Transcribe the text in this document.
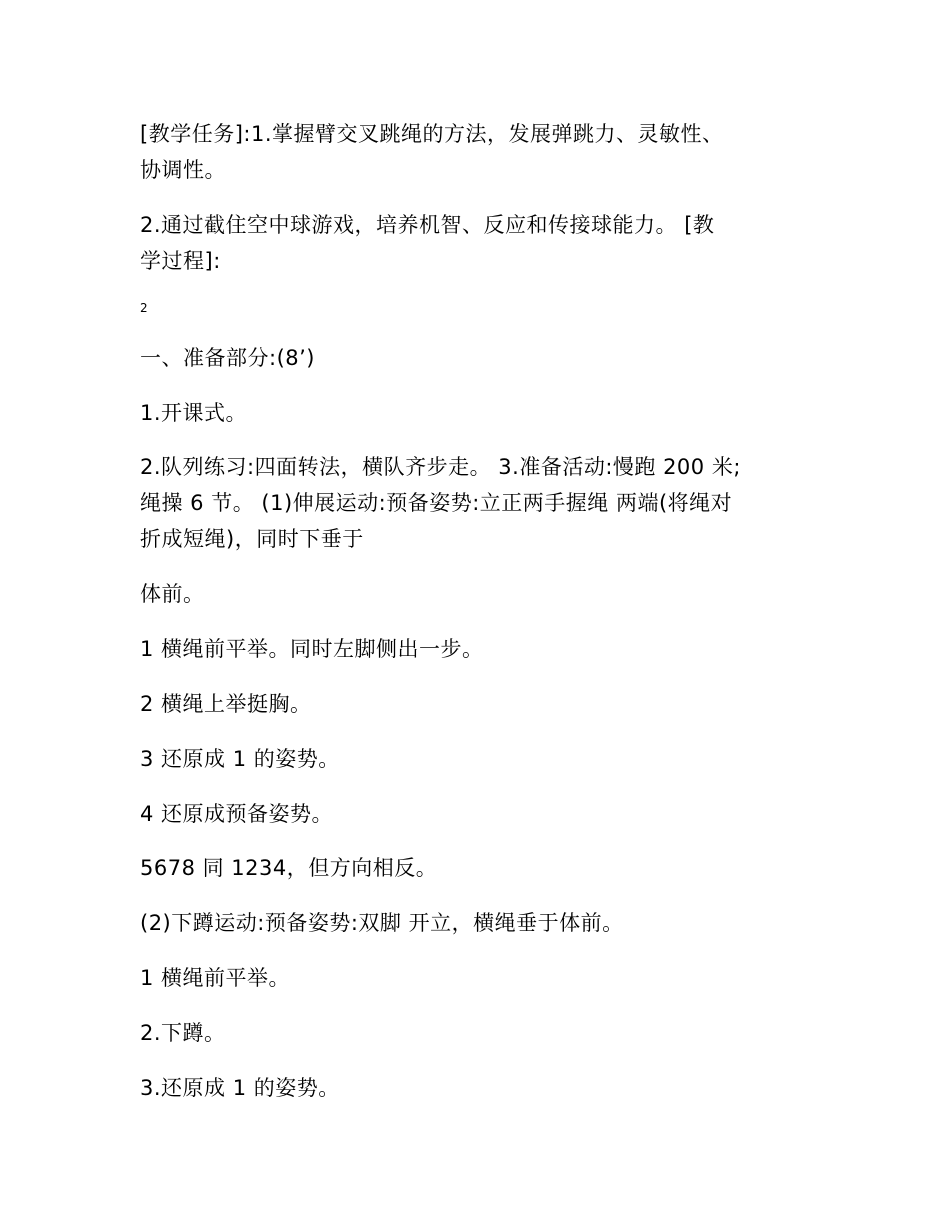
[教学任务]:1.掌握臂交叉跳绳的方法，发展弹跳力、灵敏性、

协调性。

2.通过截住空中球游戏，培养机智、反应和传接球能力。 [教

学过程]:

2

一、准备部分:(8’)

1.开课式。

2.队列练习:四面转法，横队齐步走。 3.准备活动:慢跑 200 米;

绳操 6 节。 (1)伸展运动:预备姿势:立正两手握绳 两端(将绳对

折成短绳)，同时下垂于

体前。

1 横绳前平举。同时左脚侧出一步。

2 横绳上举挺胸。

3 还原成 1 的姿势。

4 还原成预备姿势。

5678 同 1234，但方向相反。

(2)下蹲运动:预备姿势:双脚 开立，横绳垂于体前。

1 横绳前平举。

2.下蹲。

3.还原成 1 的姿势。
